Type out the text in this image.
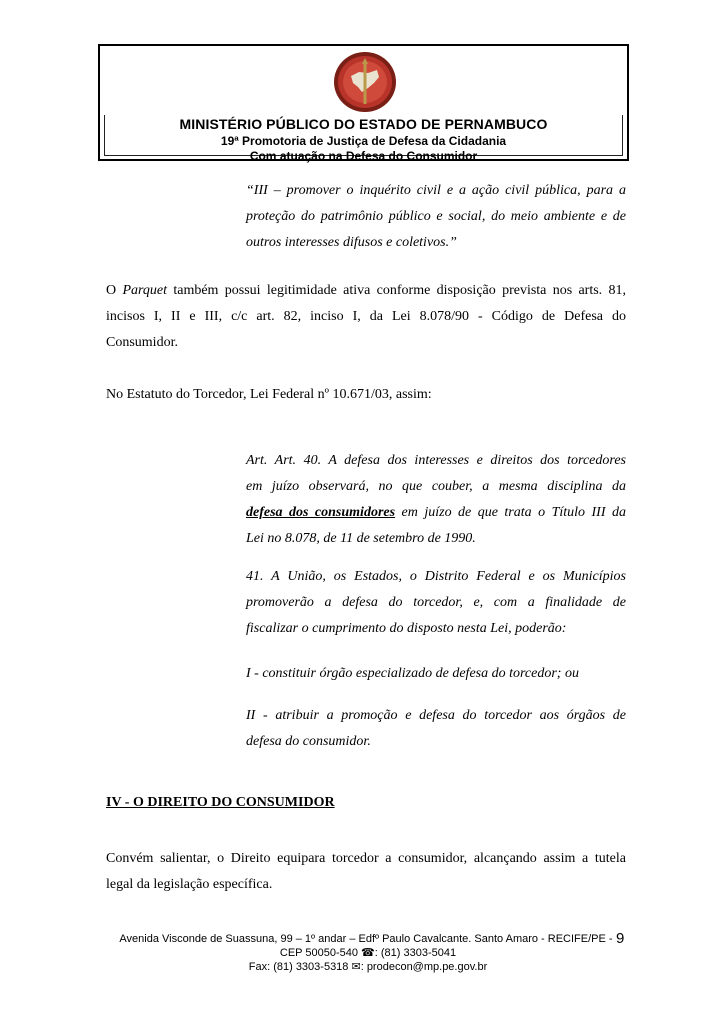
MINISTÉRIO PÚBLICO DO ESTADO DE PERNAMBUCO
19ª Promotoria de Justiça de Defesa da Cidadania
Com atuação na Defesa do Consumidor
“III – promover o inquérito civil e a ação civil pública, para a
proteção do patrimônio público e social, do meio ambiente e de
outros interesses difusos e coletivos.”
O Parquet também possui legitimidade ativa conforme disposição prevista nos arts. 81,
incisos I, II e III, c/c art. 82, inciso I, da Lei 8.078/90 - Código de Defesa do
Consumidor.
No Estatuto do Torcedor, Lei Federal nº 10.671/03, assim:
Art. Art. 40. A defesa dos interesses e direitos dos torcedores
em juízo observará, no que couber, a mesma disciplina da
defesa dos consumidores em juízo de que trata o Título III da
Lei no 8.078, de 11 de setembro de 1990.
41. A União, os Estados, o Distrito Federal e os Municípios
promoverão a defesa do torcedor, e, com a finalidade de
fiscalizar o cumprimento do disposto nesta Lei, poderão:
I - constituir órgão especializado de defesa do torcedor; ou
II - atribuir a promoção e defesa do torcedor aos órgãos de
defesa do consumidor.
IV - O DIREITO DO CONSUMIDOR
Convém salientar, o Direito equipara torcedor a consumidor, alcançando assim a tutela
legal da legislação específica.
Avenida Visconde de Suassuna, 99 – 1º andar – Edfº Paulo Cavalcante. Santo Amaro - RECIFE/PE -
CEP 50050-540 ☎: (81) 3303-5041
Fax: (81) 3303-5318 ✉: prodecon@mp.pe.gov.br
9
